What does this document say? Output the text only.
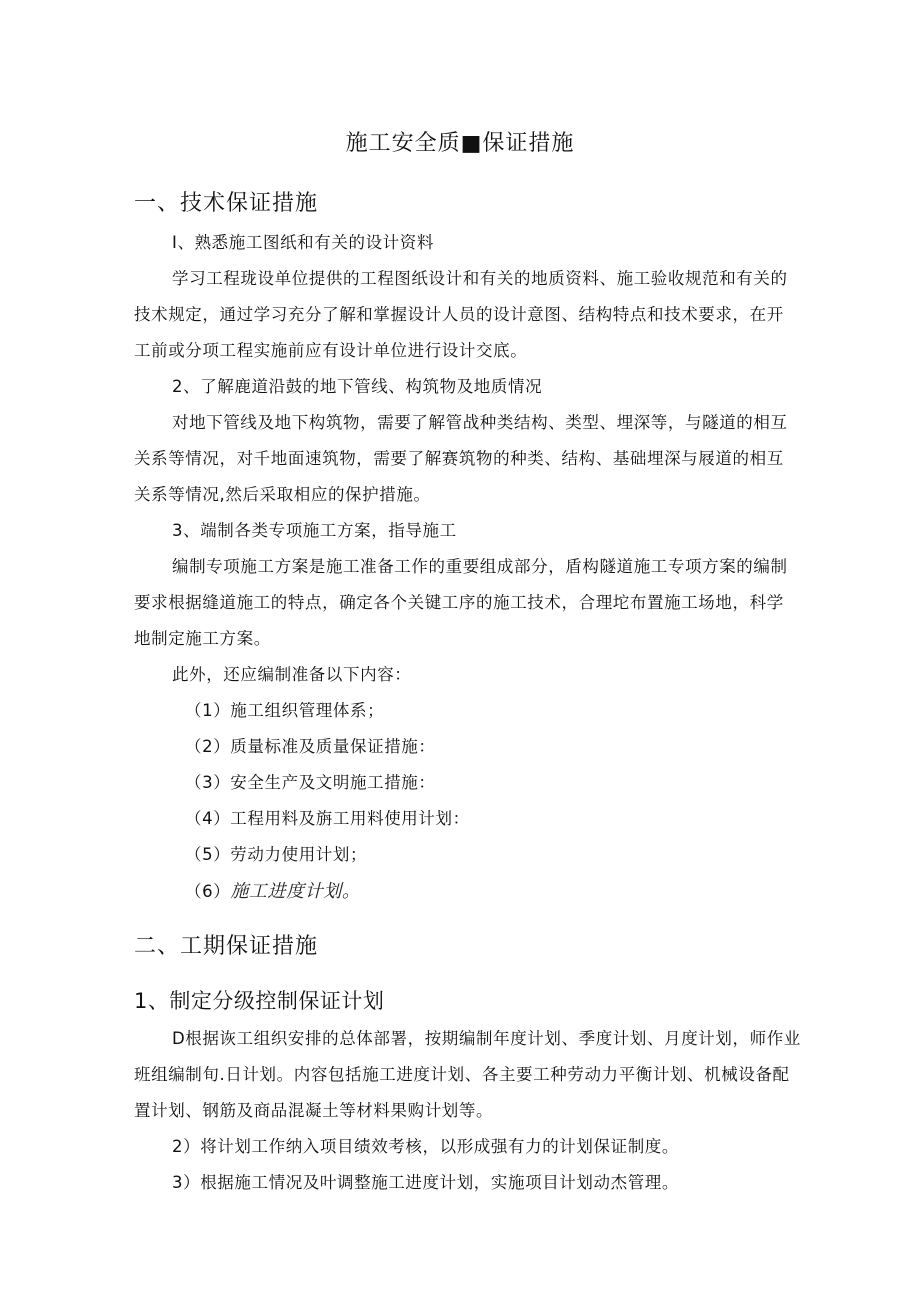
施工安全质■保证措施
一、技术保证措施
I、熟悉施工图纸和有关的设计资料
学习工程珑设单位提供的工程图纸设计和有关的地质资料、施工验收规范和有关的
技术规定，通过学习充分了解和掌握设计人员的设计意图、结构特点和技术要求，在开
工前或分项工程实施前应有设计单位进行设计交底。
2、了解鹿道沿鼓的地下管线、构筑物及地质情况
对地下管线及地下构筑物，需要了解管战种类结构、类型、埋深等，与隧道的相互
关系等情况，对千地面速筑物，需要了解赛筑物的种类、结构、基础埋深与屐道的相互
关系等情况,然后采取相应的保护措施。
3、端制各类专项施工方案，指导施工
编制专项施工方案是施工准备工作的重要组成部分，盾构隧道施工专项方案的编制
要求根据缝道施工的特点，确定各个关键工序的施工技术，合理坨布置施工场地，科学
地制定施工方案。
此外，还应编制准备以下内容：
（1）施工组织管理体系；
（2）质量标准及质量保证措施：
（3）安全生产及文明施工措施：
（4）工程用料及旃工用料使用计划：
（5）劳动力使用计划；
（6）施工进度计划。
二、工期保证措施
1、制定分级控制保证计划
D根据诙工组织安排的总体部署，按期编制年度计划、季度计划、月度计划，师作业
班组编制旬.日计划。内容包括施工进度计划、各主要工种劳动力平衡计划、机械设备配
置计划、钢筋及商品混凝土等材料果购计划等。
2）将计划工作纳入项目绩效考核，以形成强有力的计划保证制度。
3）根据施工情况及叶调整施工进度计划，实施项目计划动杰管理。
